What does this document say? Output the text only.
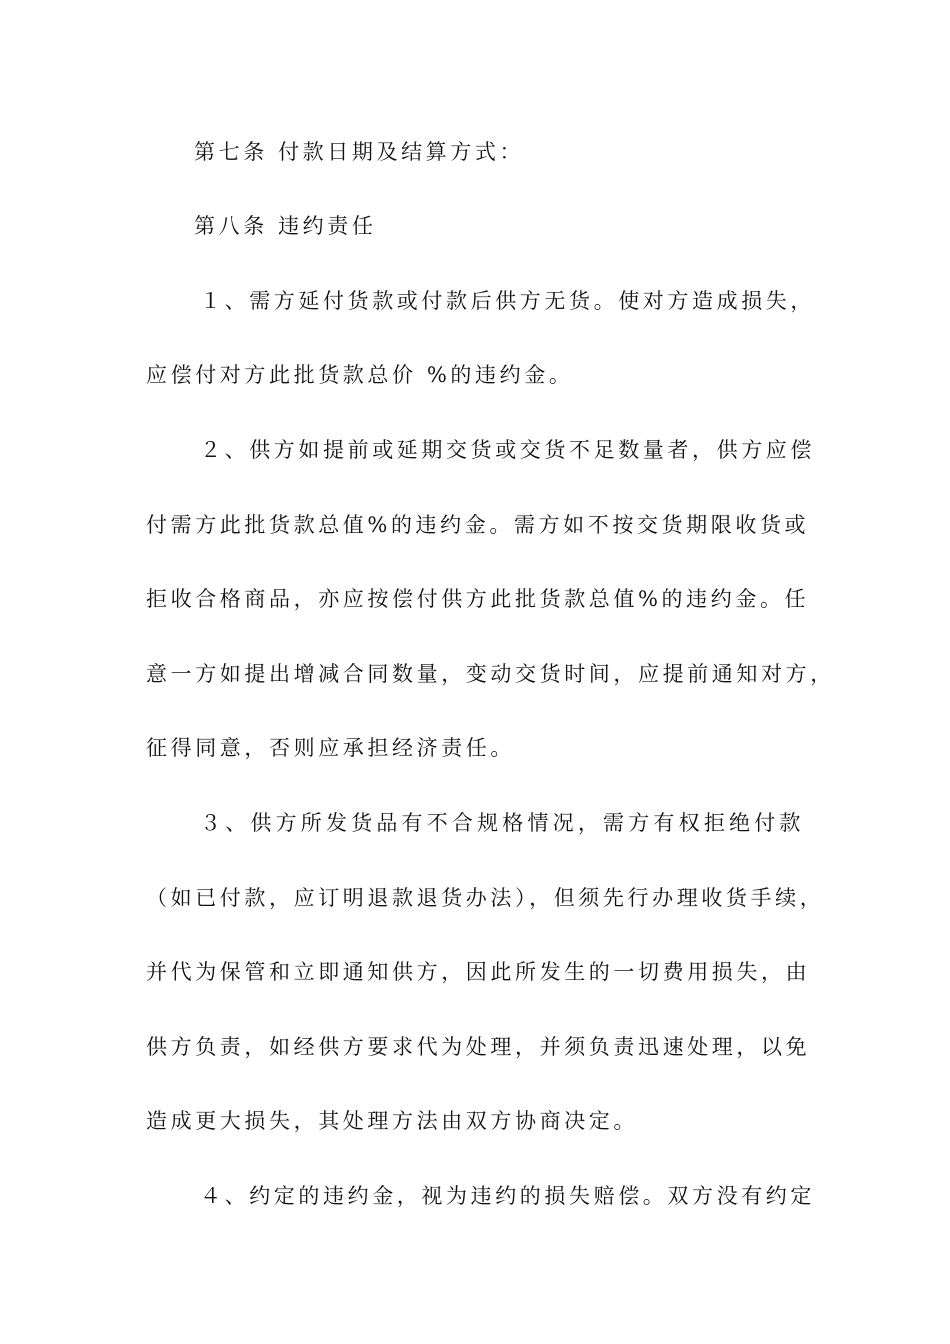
第七条 付款日期及结算方式：
第八条 违约责任
１、需方延付货款或付款后供方无货。使对方造成损失，
应偿付对方此批货款总价 %的违约金。
２、供方如提前或延期交货或交货不足数量者，供方应偿
付需方此批货款总值%的违约金。需方如不按交货期限收货或
拒收合格商品，亦应按偿付供方此批货款总值%的违约金。任
意一方如提出增减合同数量，变动交货时间，应提前通知对方，
征得同意，否则应承担经济责任。
３、供方所发货品有不合规格情况，需方有权拒绝付款
（如已付款，应订明退款退货办法），但须先行办理收货手续，
并代为保管和立即通知供方，因此所发生的一切费用损失，由
供方负责，如经供方要求代为处理，并须负责迅速处理，以免
造成更大损失，其处理方法由双方协商决定。
４、约定的违约金，视为违约的损失赔偿。双方没有约定
